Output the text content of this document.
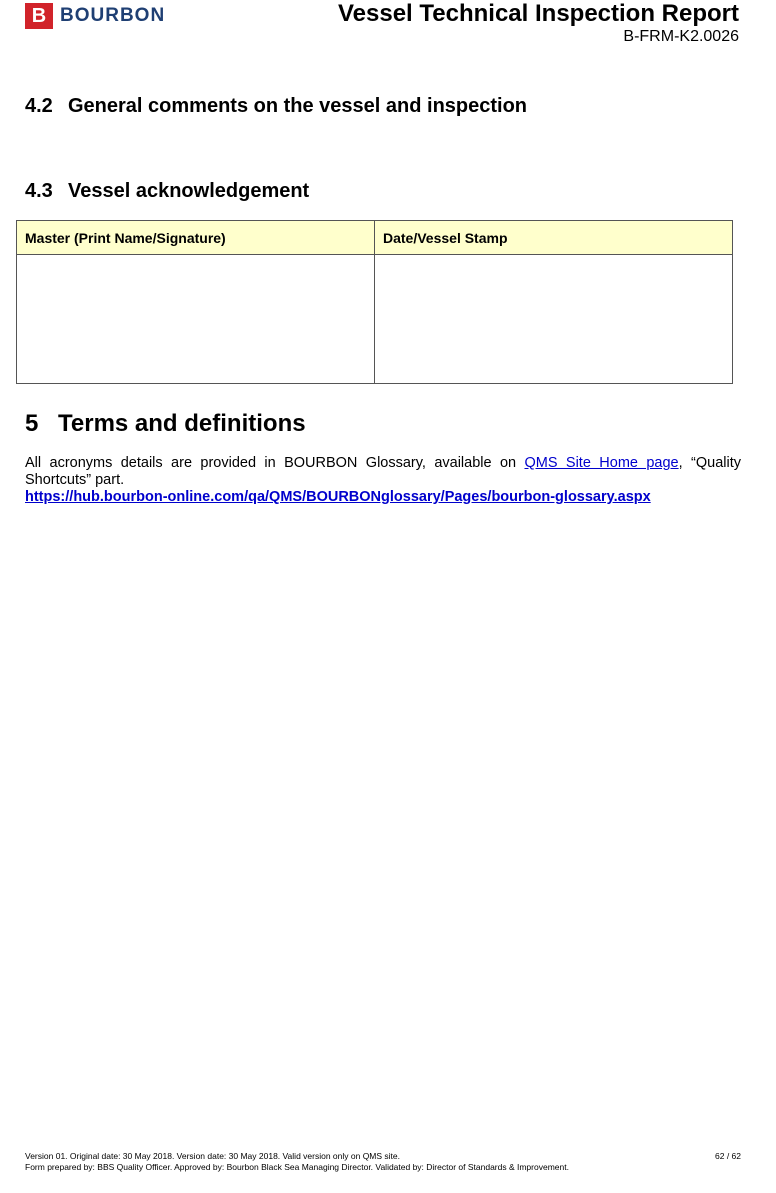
B BOURBON	Vessel Technical Inspection Report
B-FRM-K2.0026
4.2 General comments on the vessel and inspection
4.3 Vessel acknowledgement
Master (Print Name/Signature)	Date/Vessel Stamp

5 Terms and definitions
All acronyms details are provided in BOURBON Glossary, available on QMS Site Home page, “Quality Shortcuts” part.
https://hub.bourbon-online.com/qa/QMS/BOURBONglossary/Pages/bourbon-glossary.aspx
Version 01. Original date: 30 May 2018. Version date: 30 May 2018. Valid version only on QMS site.
Form prepared by: BBS Quality Officer. Approved by: Bourbon Black Sea Managing Director. Validated by: Director of Standards & Improvement.
62 / 62
